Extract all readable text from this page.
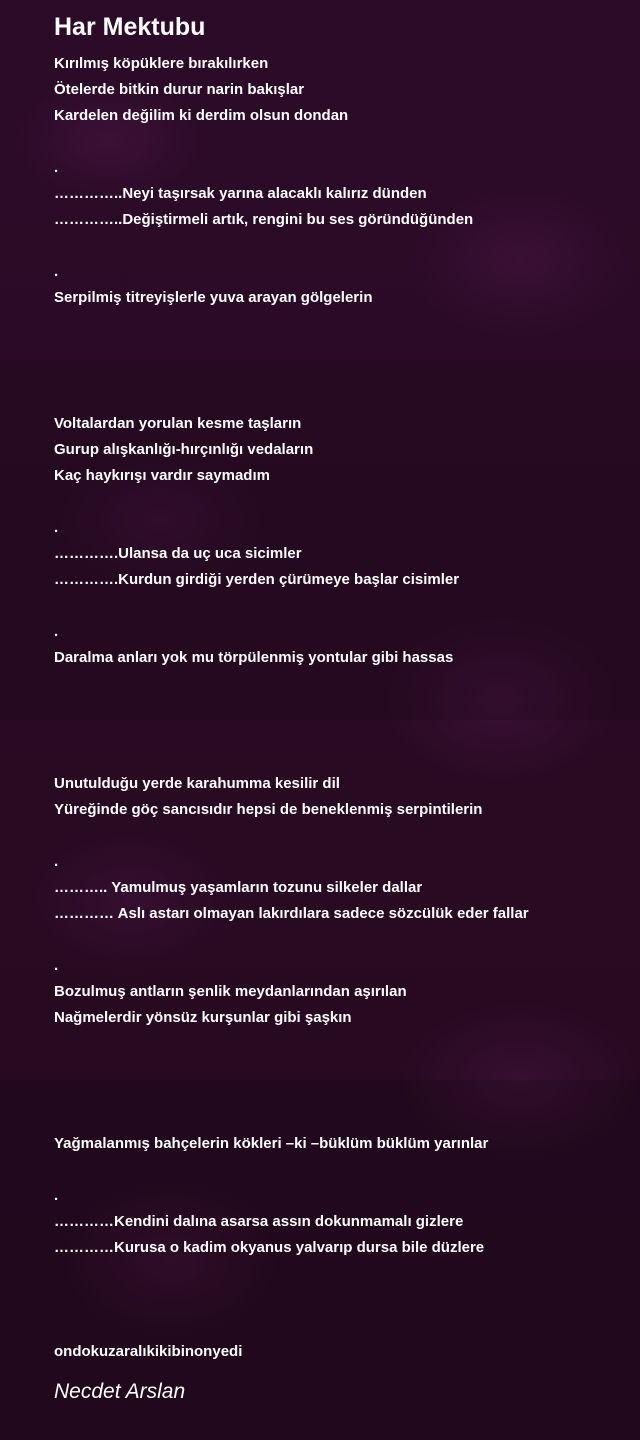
Har Mektubu
Kırılmış köpüklere bırakılırken
Ötelerde bitkin durur narin bakışlar
Kardelen değilim ki derdim olsun dondan
.
…………..Neyi taşırsak yarına alacaklı kalırız dünden
…………..Değiştirmeli artık, rengini bu ses göründüğünden
.
Serpilmiş titreyişlerle yuva arayan gölgelerin
Voltalardan yorulan kesme taşların
Gurup alışkanlığı-hırçınlığı vedaların
Kaç haykırışı vardır saymadım
.
………….Ulansa da uç uca sicimler
………….Kurdun girdiği yerden çürümeye başlar cisimler
.
Daralma anları yok mu törpülenmiş yontular gibi hassas
Unutulduğu yerde karahumma kesilir dil
Yüreğinde göç sancısıdır hepsi de beneklenmiş serpintilerin
.
……….. Yamulmuş yaşamların tozunu silkeler dallar
………… Aslı astarı olmayan lakırdılara sadece sözcülük eder fallar
.
Bozulmuş antların şenlik meydanlarından aşırılan
Nağmelerdir yönsüz kurşunlar gibi şaşkın
Yağmalanmış bahçelerin kökleri –ki –büklüm büklüm yarınlar
.
…………Kendini dalına asarsa assın dokunmamalı gizlere
…………Kurusa o kadim okyanus yalvarıp dursa bile düzlere
ondokuzaralıkikibinonyedi
Necdet Arslan
